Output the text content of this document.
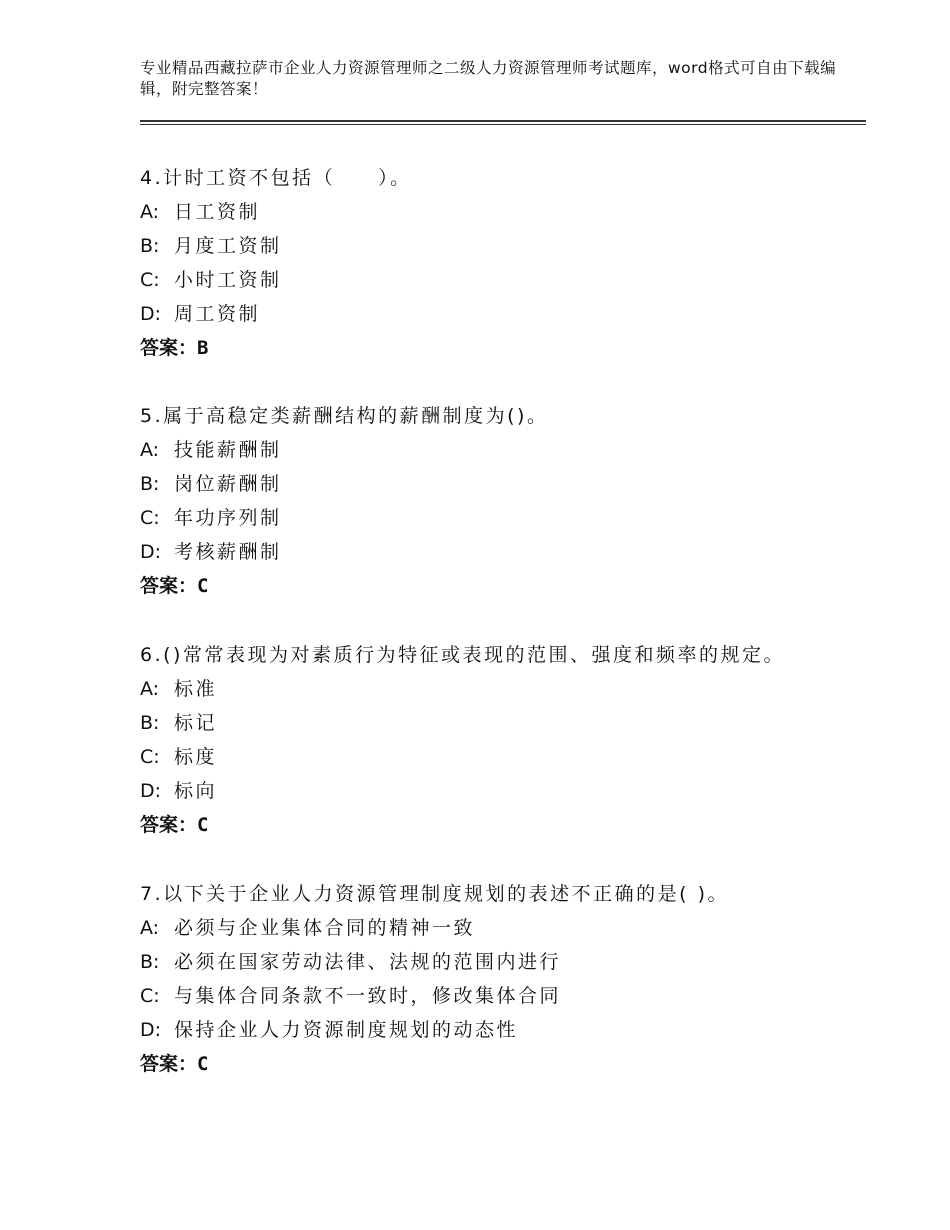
专业精品西藏拉萨市企业人力资源管理师之二级人力资源管理师考试题库，word格式可自由下载编辑，附完整答案！
4.计时工资不包括（　　）。
A: 日工资制
B: 月度工资制
C: 小时工资制
D: 周工资制
答案：B
5.属于高稳定类薪酬结构的薪酬制度为()。
A: 技能薪酬制
B: 岗位薪酬制
C: 年功序列制
D: 考核薪酬制
答案：C
6.()常常表现为对素质行为特征或表现的范围、强度和频率的规定。
A: 标准
B: 标记
C: 标度
D: 标向
答案：C
7.以下关于企业人力资源管理制度规划的表述不正确的是( )。
A: 必须与企业集体合同的精神一致
B: 必须在国家劳动法律、法规的范围内进行
C: 与集体合同条款不一致时，修改集体合同
D: 保持企业人力资源制度规划的动态性
答案：C
